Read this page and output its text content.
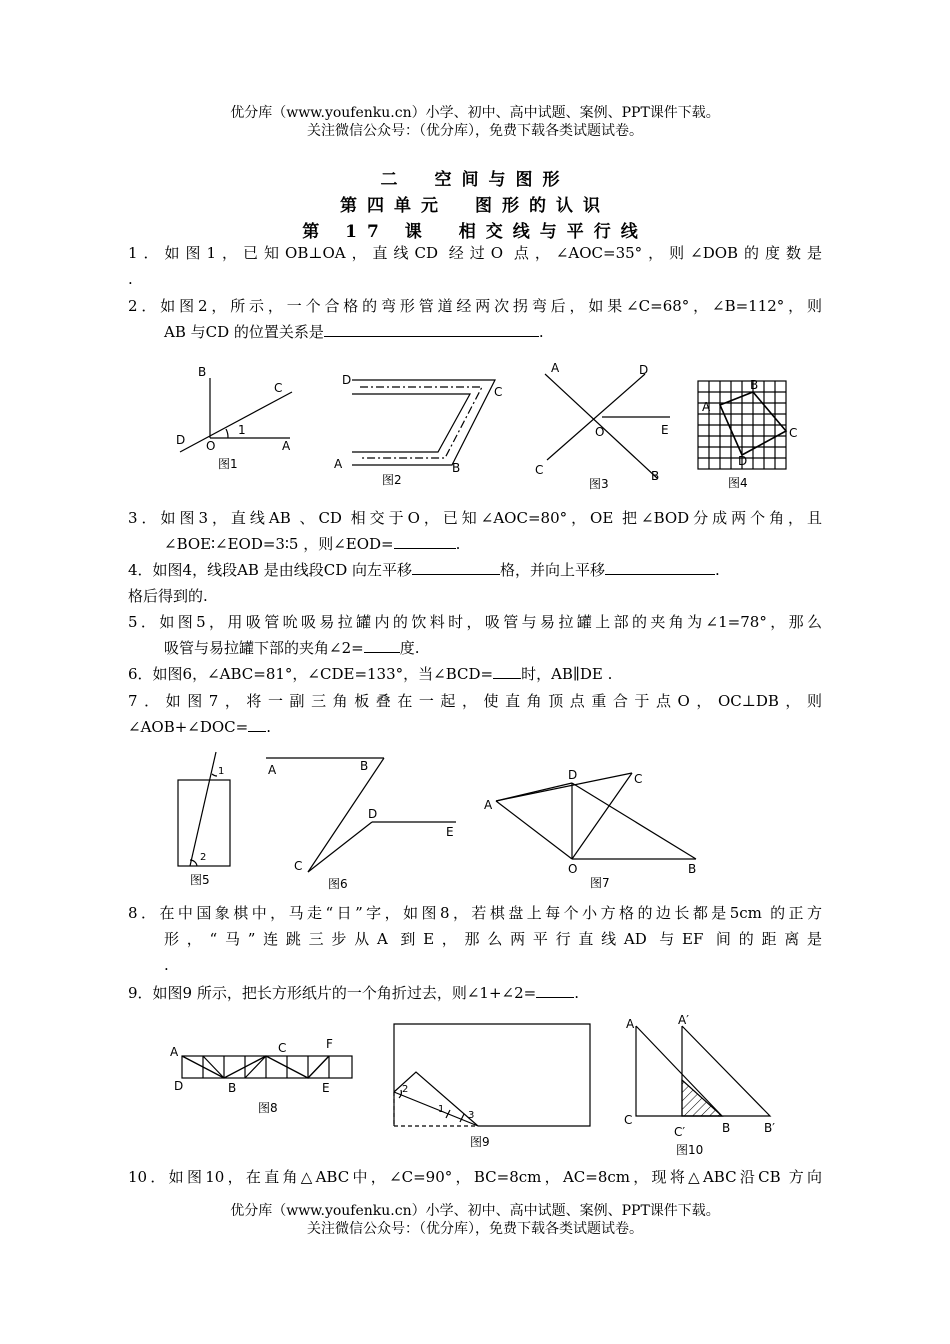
优分库（www.youfenku.cn）小学、初中、高中试题、案例、PPT课件下载。
关注微信公众号：（优分库），免费下载各类试题试卷。
二　空间与图形
第四单元　图形的认识
第 17 课　相交线与平行线
1．如图1，已知OB⊥OA，直线CD 经过O 点，∠AOC=35°，则∠DOB的度数是
.
2．如图2，所示，一个合格的弯形管道经两次拐弯后，如果∠C=68°，∠B=112°，则
AB 与CD 的位置关系是	.
B
C
D O	A
1
图1
D
C
A	B
图2
A	D
O	E
C	B
图3
B
A
C
D
图4
3．如图3，直线AB 、CD 相交于O，已知∠AOC=80°，OE 把∠BOD分成两个角，且
∠BOE∶∠EOD=3∶5 ，则∠EOD=	.
4．如图4，线段AB 是由线段CD 向左平移	格，并向上平移	.
格后得到的.
5．如图5，用吸管吮吸易拉罐内的饮料时，吸管与易拉罐上部的夹角为∠1=78°，那么
吸管与易拉罐下部的夹角∠2= 度.
6．如图6，∠ABC=81°，∠CDE=133°，当∠BCD= 时，AB∥DE .
7．如图7，将一副三角板叠在一起，使直角顶点重合于点O，OC⊥DB，则
∠AOB+∠DOC= .
1
2
图5
A	B
D
E
C
图6
D	C
A
O	B
图7
8．在中国象棋中，马走“日”字，如图8，若棋盘上每个小方格的边长都是5cm 的正方
形，“马”连跳三步从A 到E，那么两平行直线AD 与EF 间的距离是
.
9．如图9 所示，把长方形纸片的一个角折过去，则∠1+∠2=	.
A	C	F
D	B	E
图8
2
1
3
图9
A	A′
C
C′	B	B′
图10
10．如图10，在直角△ABC中，∠C=90°，BC=8cm，AC=8cm，现将△ABC沿CB 方向
优分库（www.youfenku.cn）小学、初中、高中试题、案例、PPT课件下载。
关注微信公众号：（优分库），免费下载各类试题试卷。
